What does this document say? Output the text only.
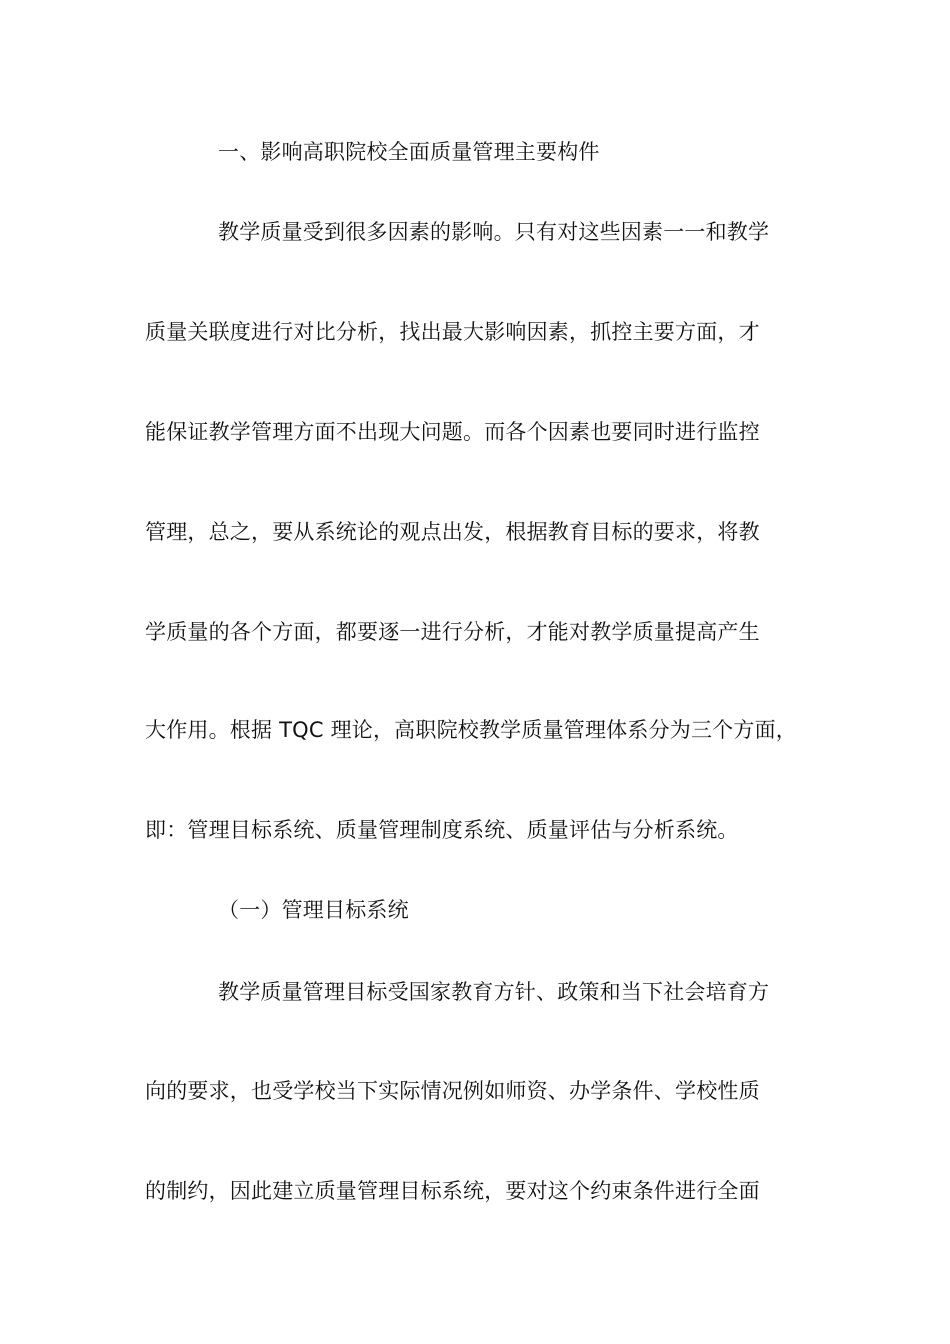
一、影响高职院校全面质量管理主要构件
教学质量受到很多因素的影响。只有对这些因素一一和教学
质量关联度进行对比分析，找出最大影响因素，抓控主要方面，才
能保证教学管理方面不出现大问题。而各个因素也要同时进行监控
管理，总之，要从系统论的观点出发，根据教育目标的要求，将教
学质量的各个方面，都要逐一进行分析，才能对教学质量提高产生
大作用。根据 TQC 理论，高职院校教学质量管理体系分为三个方面，
即：管理目标系统、质量管理制度系统、质量评估与分析系统。
（一）管理目标系统
教学质量管理目标受国家教育方针、政策和当下社会培育方
向的要求，也受学校当下实际情况例如师资、办学条件、学校性质
的制约，因此建立质量管理目标系统，要对这个约束条件进行全面
